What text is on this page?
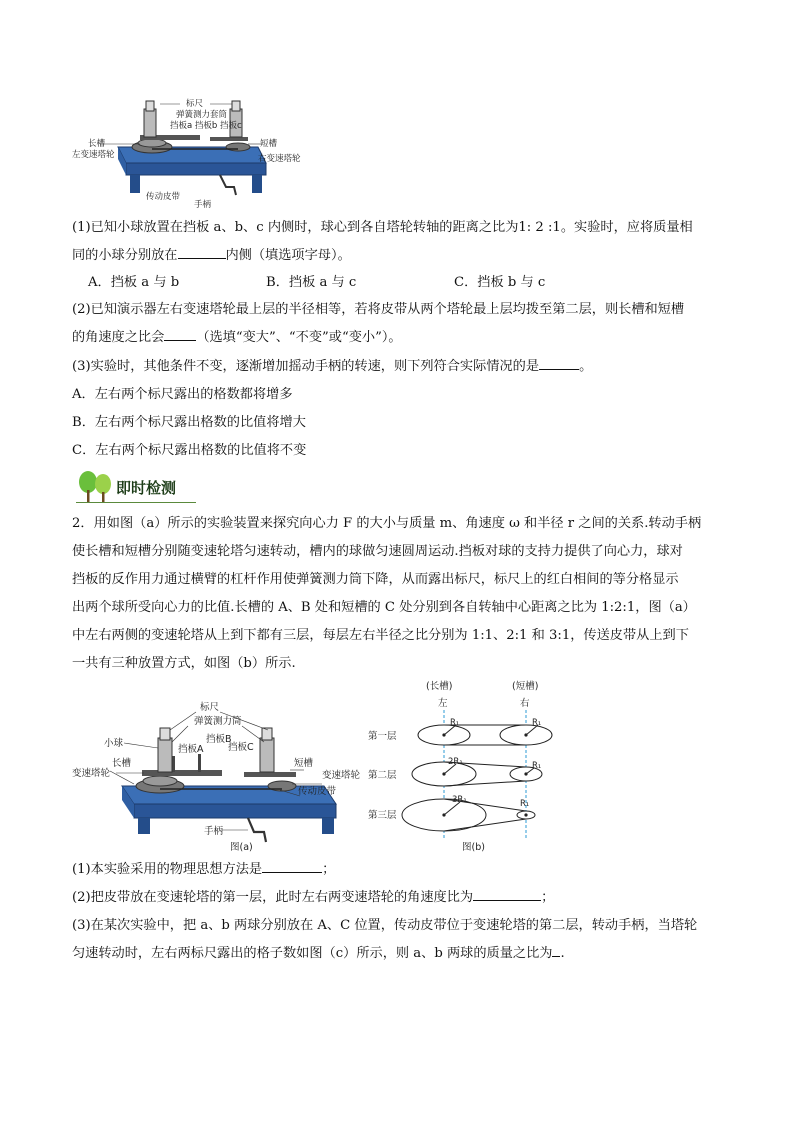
标尺
弹簧测力套筒
挡板a 挡板b 挡板c
长槽
左变速塔轮
短槽
右变速塔轮
传动皮带
手柄
(1)已知小球放置在挡板 a、b、c 内侧时，球心到各自塔轮转轴的距离之比为1: 2 :1。实验时，应将质量相
同的小球分别放在	内侧（填选项字母）。
A．挡板 a 与 b	B．挡板 a 与 c	C．挡板 b 与 c
(2)已知演示器左右变速塔轮最上层的半径相等，若将皮带从两个塔轮最上层均拨至第二层，则长槽和短槽
的角速度之比会 （选填“变大”、“不变”或“变小”）。
(3)实验时，其他条件不变，逐渐增加摇动手柄的转速，则下列符合实际情况的是	。
A．左右两个标尺露出的格数都将增多
B．左右两个标尺露出格数的比值将增大
C．左右两个标尺露出格数的比值将不变
即时检测
2．用如图（a）所示的实验装置来探究向心力 F 的大小与质量 m、角速度 ω 和半径 r 之间的关系.转动手柄
使长槽和短槽分别随变速轮塔匀速转动，槽内的球做匀速圆周运动.挡板对球的支持力提供了向心力，球对
挡板的反作用力通过横臂的杠杆作用使弹簧测力筒下降，从而露出标尺，标尺上的红白相间的等分格显示
出两个球所受向心力的比值.长槽的 A、B 处和短槽的 C 处分别到各自转轴中心距离之比为 1:2:1，图（a）
中左右两侧的变速轮塔从上到下都有三层，每层左右半径之比分别为 1:1、2:1 和 3:1，传送皮带从上到下
一共有三种放置方式，如图（b）所示.
标尺
弹簧测力筒
小球	挡板B
挡板A	挡板C
长槽
变速塔轮
短槽
变速塔轮
传动皮带
手柄
图(a)
(长槽)	(短槽)
左	右
第一层
第二层
第三层
R₁	R₁
2R₁	R₁
3R₁	R₁
图(b)
(1)本实验采用的物理思想方法是	；
(2)把皮带放在变速轮塔的第一层，此时左右两变速塔轮的角速度比为	；
(3)在某次实验中，把 a、b 两球分别放在 A、C 位置，传动皮带位于变速轮塔的第二层，转动手柄，当塔轮
匀速转动时，左右两标尺露出的格子数如图（c）所示，则 a、b 两球的质量之比为 .
